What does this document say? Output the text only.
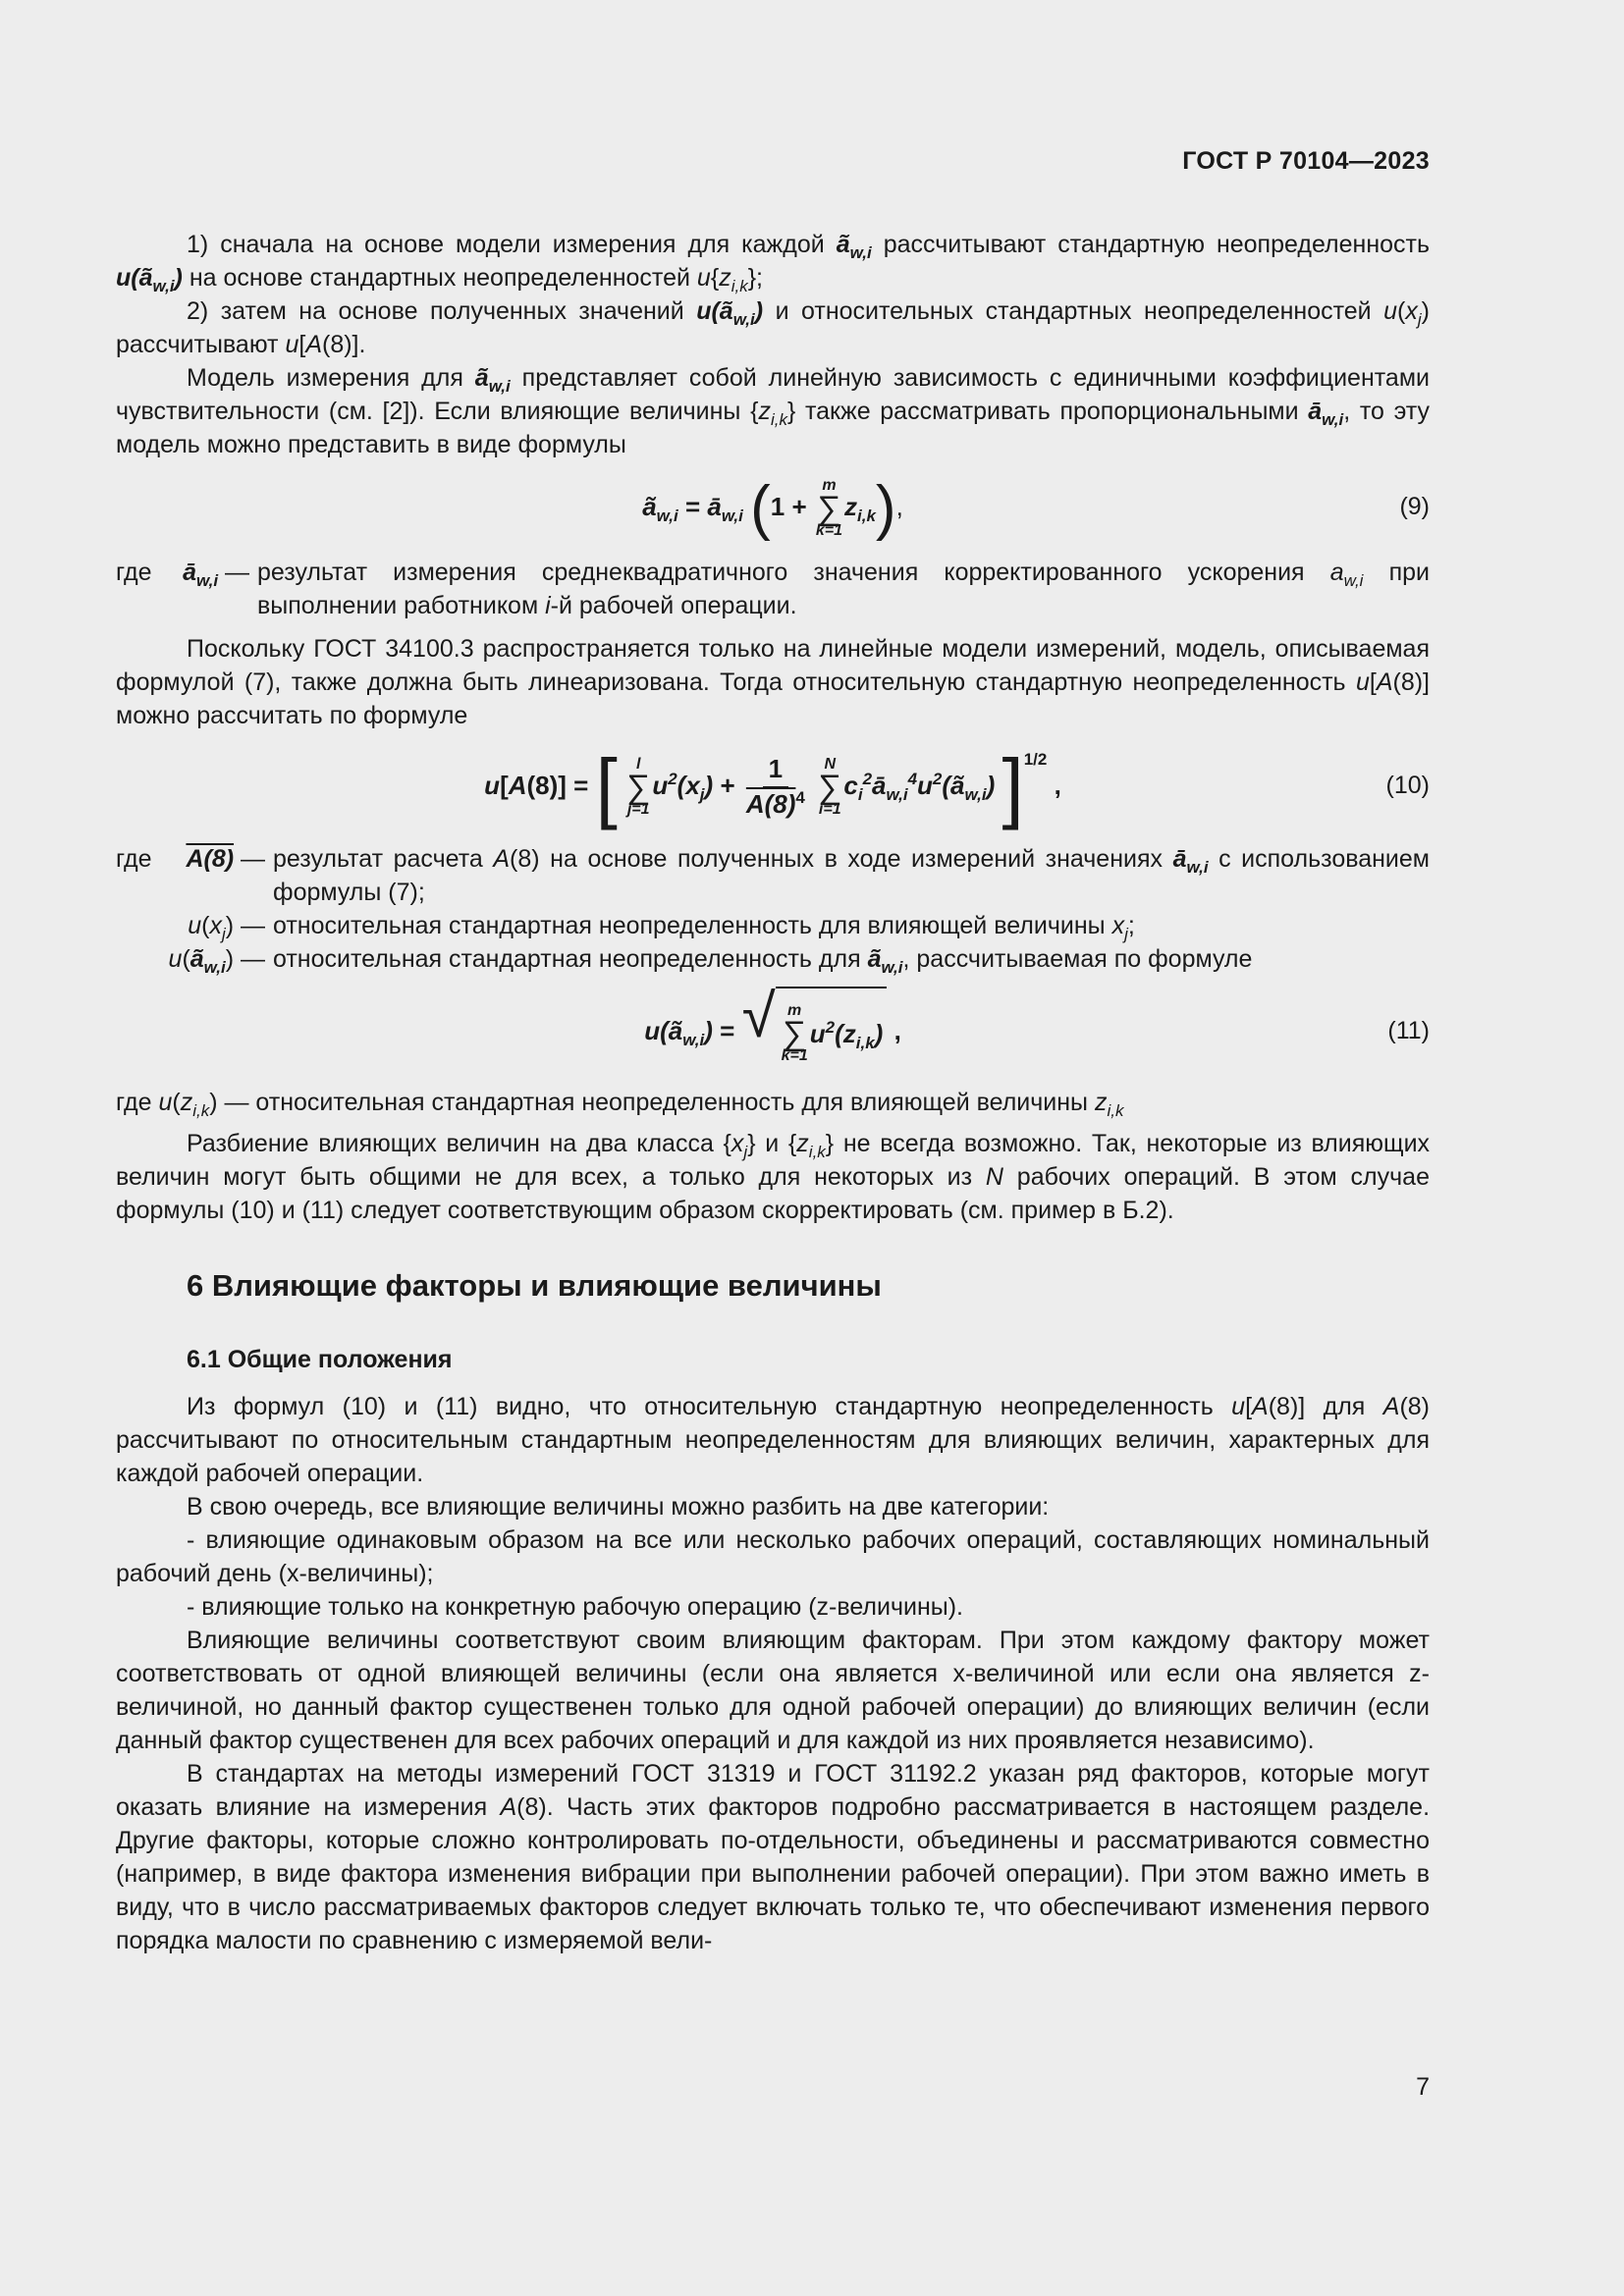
ГОСТ Р 70104—2023

1) сначала на основе модели измерения для каждой $ã_{w,i}$ рассчитывают стандартную неопределенность $u(ã_{w,i})$ на основе стандартных неопределенностей $u\{z_{i,k}\}$;

2) затем на основе полученных значений $u(ã_{w,i})$ и относительных стандартных неопределенностей $u(x_j)$ рассчитывают u[A(8)].

Модель измерения для $ã_{w,i}$ представляет собой линейную зависимость с единичными коэффициентами чувствительности (см. [2]). Если влияющие величины $\{z_{i,k}\}$ также рассматривать пропорциональными $ā_{w,i}$, то эту модель можно представить в виде формулы

$ã_{w,i}$ = $ā_{w,i}$ (1 +
m
∑
k=1
$z_{i,k}$),	(9)
где $ā_{w,i}$ — результат измерения среднеквадратичного значения корректированного ускорения $a_{w,i}$ при выполнении работником i-й рабочей операции.

Поскольку ГОСТ 34100.3 распространяется только на линейные модели измерений, модель, описываемая формулой (7), также должна быть линеаризована. Тогда относительную стандартную неопределенность u[A(8)] можно рассчитать по формуле

u[A(8)] = [ l
∑
j=1
$u^2(x_j) + \frac{1}{A(8)^4}$
N
∑
i=1
$c_i^2ā_{w,i}^4u^2(ã_{w,i})$ ]$^{1/2}$ ,	(10)
где A(8) — результат расчета A(8) на основе полученных в ходе измерений значениях $ā_{w,i}$ с использованием формулы (7);
$u(x_j)$ — относительная стандартная неопределенность для влияющей величины $x_j$;
$u(ã_{w,i})$ — относительная стандартная неопределенность для $ã_{w,i}$, рассчитываемая по формуле
$u(ã_{w,i})$ = √ m
∑
k=1
$u^2(z_{i,k})$ ,	(11)

где $u(z_{i,k})$ — относительная стандартная неопределенность для влияющей величины $z_{i,k}$

Разбиение влияющих величин на два класса $\{x_j\}$ и $\{z_{i,k}\}$ не всегда возможно. Так, некоторые из влияющих величин могут быть общими не для всех, а только для некоторых из N рабочих операций. В этом случае формулы (10) и (11) следует соответствующим образом скорректировать (см. пример в Б.2).

6 Влияющие факторы и влияющие величины
6.1 Общие положения

Из формул (10) и (11) видно, что относительную стандартную неопределенность u[A(8)] для A(8) рассчитывают по относительным стандартным неопределенностям для влияющих величин, характерных для каждой рабочей операции.

В свою очередь, все влияющие величины можно разбить на две категории:

- влияющие одинаковым образом на все или несколько рабочих операций, составляющих номинальный рабочий день (x-величины);

- влияющие только на конкретную рабочую операцию (z-величины).

Влияющие величины соответствуют своим влияющим факторам. При этом каждому фактору может соответствовать от одной влияющей величины (если она является x-величиной или если она является z-величиной, но данный фактор существенен только для одной рабочей операции) до влияющих величин (если данный фактор существенен для всех рабочих операций и для каждой из них проявляется независимо).

В стандартах на методы измерений ГОСТ 31319 и ГОСТ 31192.2 указан ряд факторов, которые могут оказать влияние на измерения A(8). Часть этих факторов подробно рассматривается в настоящем разделе. Другие факторы, которые сложно контролировать по-отдельности, объединены и рассматриваются совместно (например, в виде фактора изменения вибрации при выполнении рабочей операции). При этом важно иметь в виду, что в число рассматриваемых факторов следует включать только те, что обеспечивают изменения первого порядка малости по сравнению с измеряемой вели-

7
